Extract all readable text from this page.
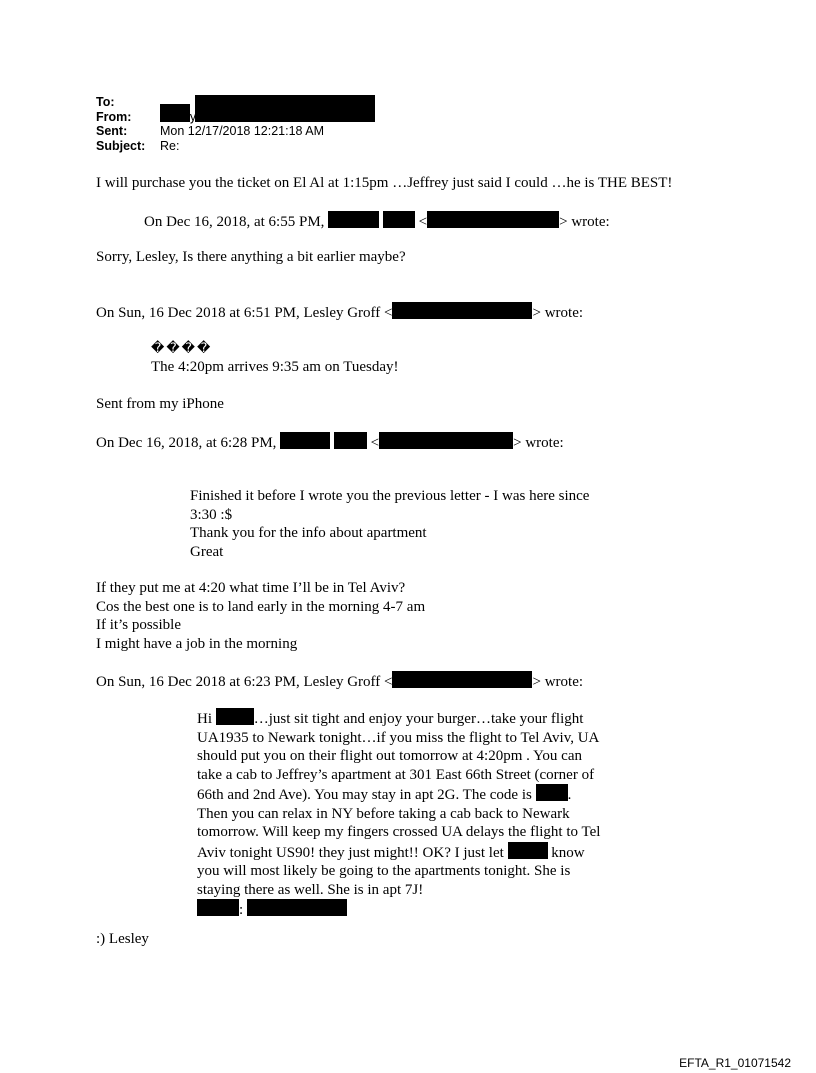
To:

From:	Lesley Groff
Sent:	Mon 12/17/2018 12:21:18 AM
Subject:	Re:
I will purchase you the ticket on El Al at 1:15pm …Jeffrey just said I could …he is THE BEST!
On Dec 16, 2018, at 6:55 PM,	<	> wrote:
Sorry, Lesley, Is there anything a bit earlier maybe?
On Sun, 16 Dec 2018 at 6:51 PM, Lesley Groff <	> wrote:
����
The 4:20pm arrives 9:35 am on Tuesday!
Sent from my iPhone
On Dec 16, 2018, at 6:28 PM,	<	> wrote:
Finished it before I wrote you the previous letter - I was here since
3:30 :$
Thank you for the info about apartment
Great
If they put me at 4:20 what time I’ll be in Tel Aviv?
Cos the best one is to land early in the morning 4-7 am
If it’s possible
I might have a job in the morning
On Sun, 16 Dec 2018 at 6:23 PM, Lesley Groff <	> wrote:
Hi	…just sit tight and enjoy your burger…take your flight
UA1935 to Newark tonight…if you miss the flight to Tel Aviv, UA
should put you on their flight out tomorrow at 4:20pm . You can
take a cab to Jeffrey’s apartment at 301 East 66th Street (corner of
66th and 2nd Ave). You may stay in apt 2G. The code is .
Then you can relax in NY before taking a cab back to Newark
tomorrow. Will keep my fingers crossed UA delays the flight to Tel
Aviv tonight US90! they just might!! OK? I just let	know
you will most likely be going to the apartments tonight. She is
staying there as well. She is in apt 7J!
:
:) Lesley
EFTA_R1_01071542
